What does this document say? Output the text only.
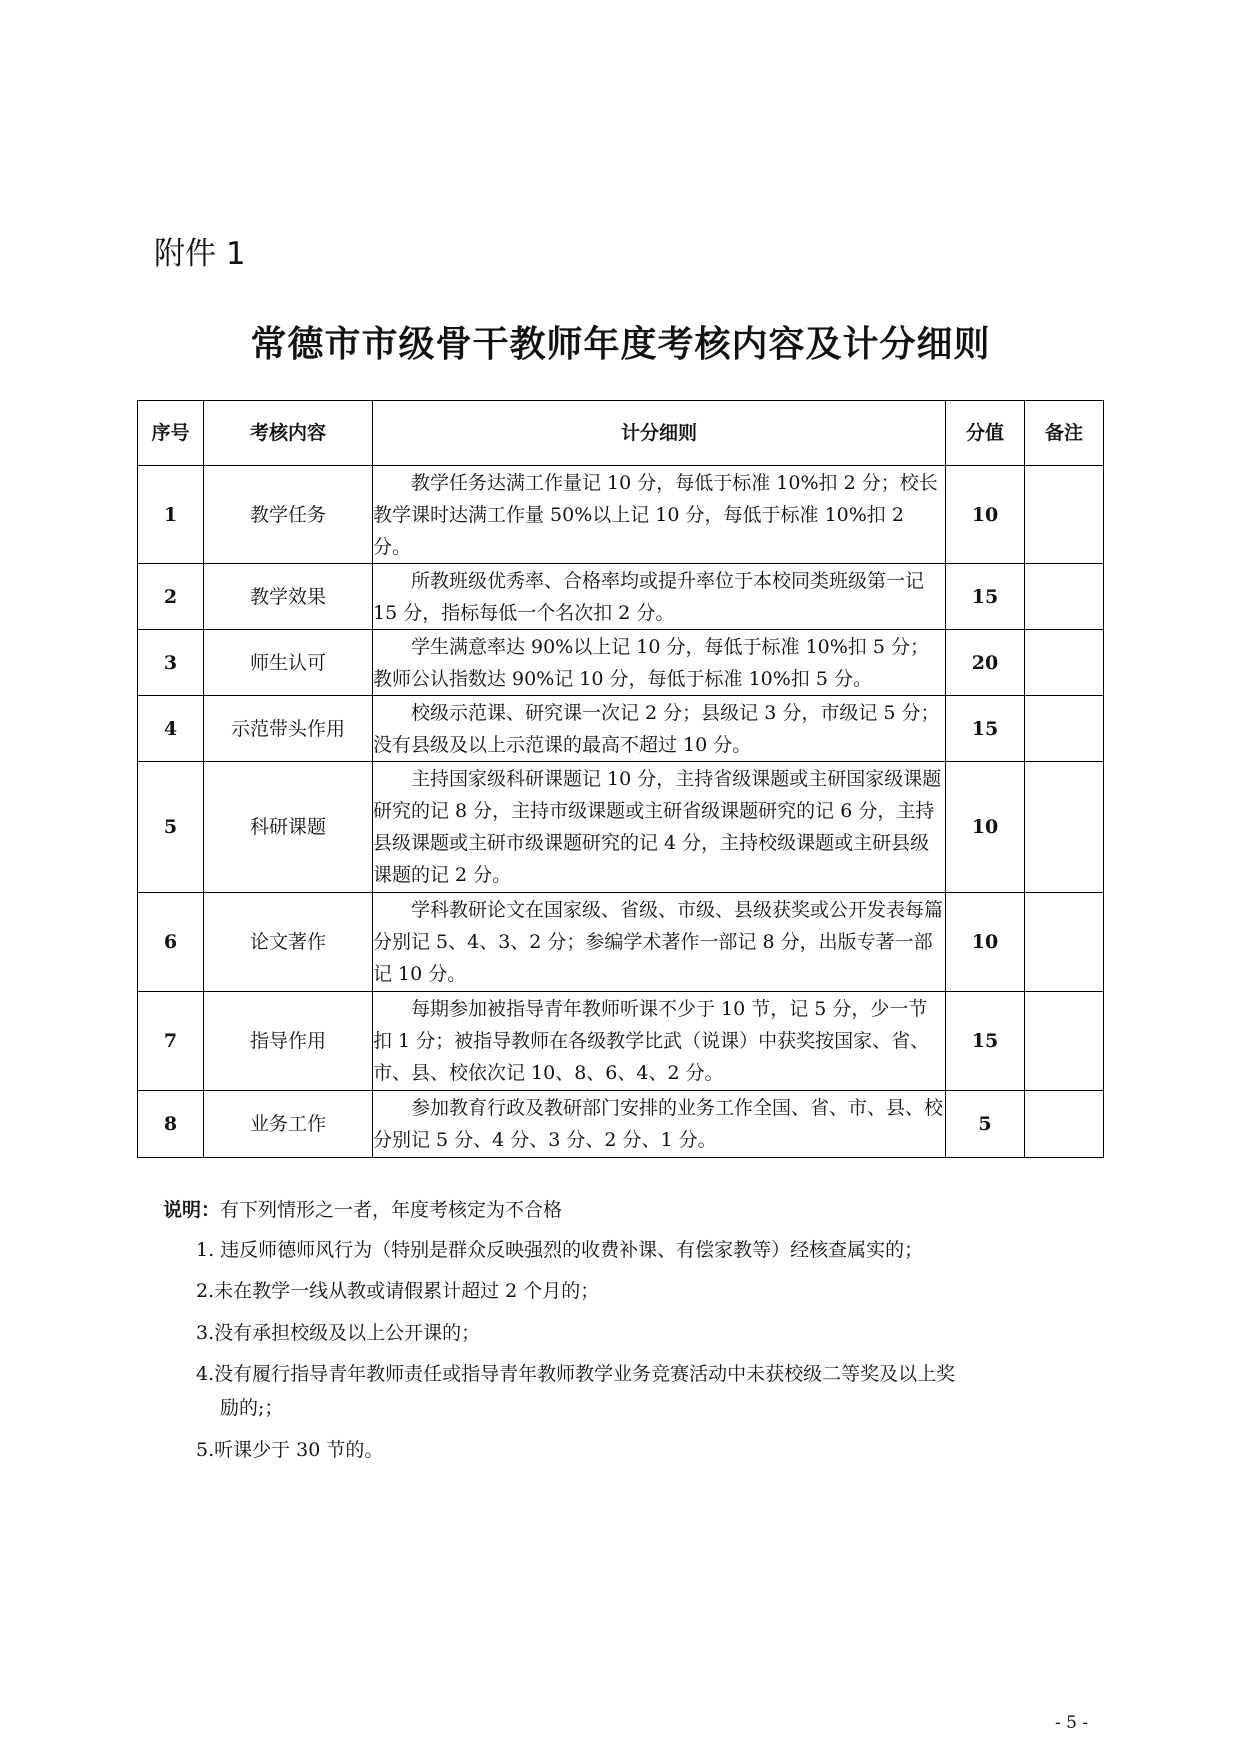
附件 1
常德市市级骨干教师年度考核内容及计分细则
序号	考核内容	计分细则	分值	备注
1	教学任务	教学任务达满工作量记 10 分，每低于标准 10%扣 2 分；校长教学课时达满工作量 50%以上记 10 分，每低于标准 10%扣 2 分。	10	
2	教学效果	所教班级优秀率、合格率均或提升率位于本校同类班级第一记 15 分，指标每低一个名次扣 2 分。	15	
3	师生认可	学生满意率达 90%以上记 10 分，每低于标准 10%扣 5 分；教师公认指数达 90%记 10 分，每低于标准 10%扣 5 分。	20	
4	示范带头作用	校级示范课、研究课一次记 2 分；县级记 3 分，市级记 5 分；没有县级及以上示范课的最高不超过 10 分。	15	
5	科研课题	主持国家级科研课题记 10 分，主持省级课题或主研国家级课题研究的记 8 分，主持市级课题或主研省级课题研究的记 6 分，主持县级课题或主研市级课题研究的记 4 分，主持校级课题或主研县级课题的记 2 分。	10	
6	论文著作	学科教研论文在国家级、省级、市级、县级获奖或公开发表每篇分别记 5、4、3、2 分；参编学术著作一部记 8 分，出版专著一部记 10 分。	10	
7	指导作用	每期参加被指导青年教师听课不少于 10 节，记 5 分，少一节扣 1 分；被指导教师在各级教学比武（说课）中获奖按国家、省、市、县、校依次记 10、8、6、4、2 分。	15	
8	业务工作	参加教育行政及教研部门安排的业务工作全国、省、市、县、校分别记 5 分、4 分、3 分、2 分、1 分。	5	
说明：有下列情形之一者，年度考核定为不合格
1. 违反师德师风行为（特别是群众反映强烈的收费补课、有偿家教等）经核查属实的；
2.未在教学一线从教或请假累计超过 2 个月的；
3.没有承担校级及以上公开课的；
4.没有履行指导青年教师责任或指导青年教师教学业务竞赛活动中未获校级二等奖及以上奖
励的;；
5.听课少于 30 节的。
- 5 -
